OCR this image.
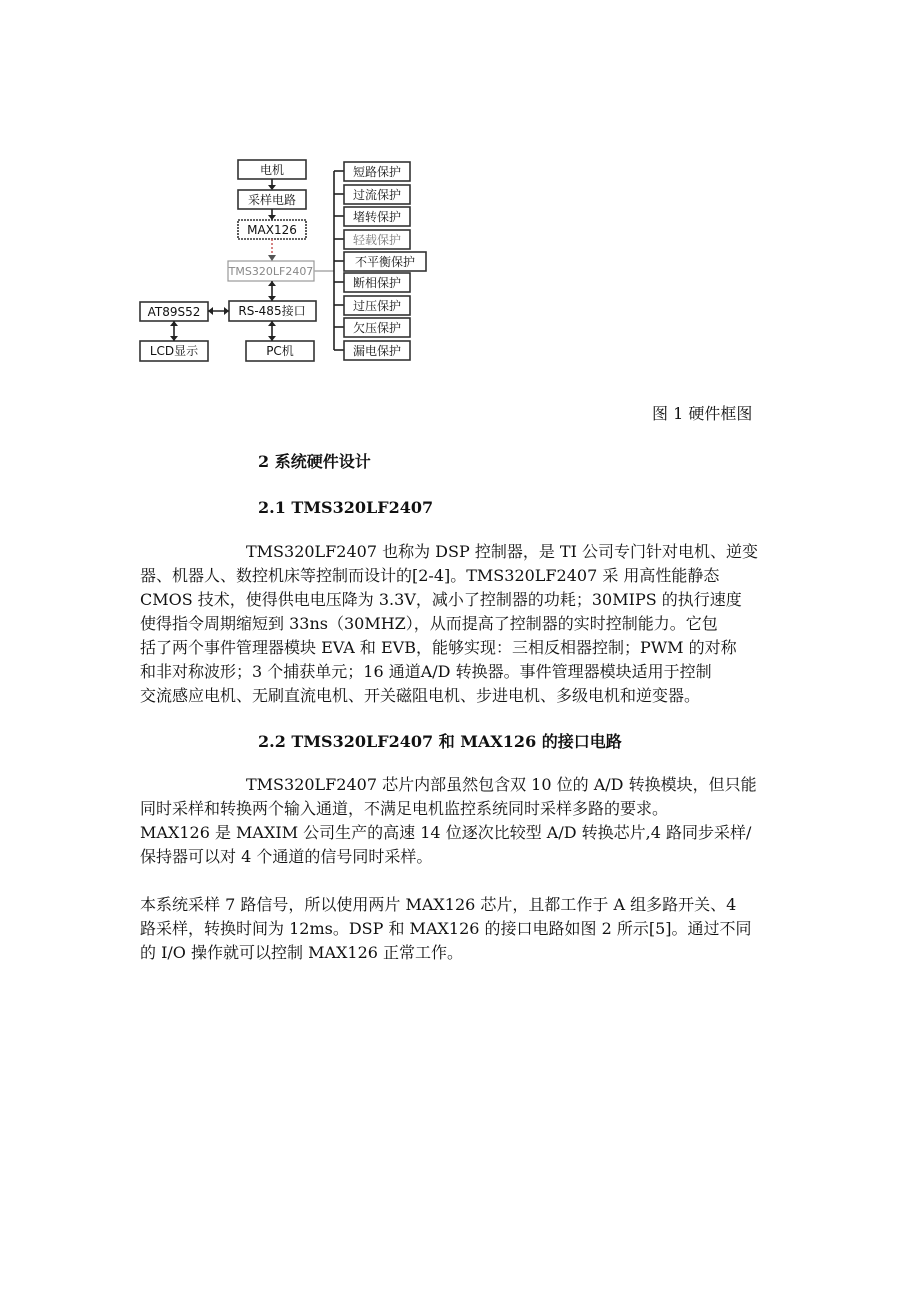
电机
采样电路
MAX126
TMS320LF2407
RS-485接口
PC机
AT89S52
LCD显示
短路保护
过流保护
堵转保护
轻载保护
不平衡保护
断相保护
过压保护
欠压保护
漏电保护
图 1 硬件框图
2 系统硬件设计
2.1 TMS320LF2407
TMS320LF2407 也称为 DSP 控制器，是 TI 公司专门针对电机、逆变
器、机器人、数控机床等控制而设计的[2-4]。TMS320LF2407 采 用高性能静态
CMOS 技术，使得供电电压降为 3.3V，减小了控制器的功耗；30MIPS 的执行速度
使得指令周期缩短到 33ns（30MHZ），从而提高了控制器的实时控制能力。它包
括了两个事件管理器模块 EVA 和 EVB，能够实现：三相反相器控制；PWM 的对称
和非对称波形；3 个捕获单元；16 通道A/D 转换器。事件管理器模块适用于控制
交流感应电机、无刷直流电机、开关磁阻电机、步进电机、多级电机和逆变器。
2.2 TMS320LF2407 和 MAX126 的接口电路
TMS320LF2407 芯片内部虽然包含双 10 位的 A/D 转换模块，但只能
同时采样和转换两个输入通道，不满足电机监控系统同时采样多路的要求。
MAX126 是 MAXIM 公司生产的高速 14 位逐次比较型 A/D 转换芯片,4 路同步采样/
保持器可以对 4 个通道的信号同时采样。
本系统采样 7 路信号，所以使用两片 MAX126 芯片，且都工作于 A 组多路开关、4
路采样，转换时间为 12ms。DSP 和 MAX126 的接口电路如图 2 所示[5]。通过不同
的 I/O 操作就可以控制 MAX126 正常工作。
